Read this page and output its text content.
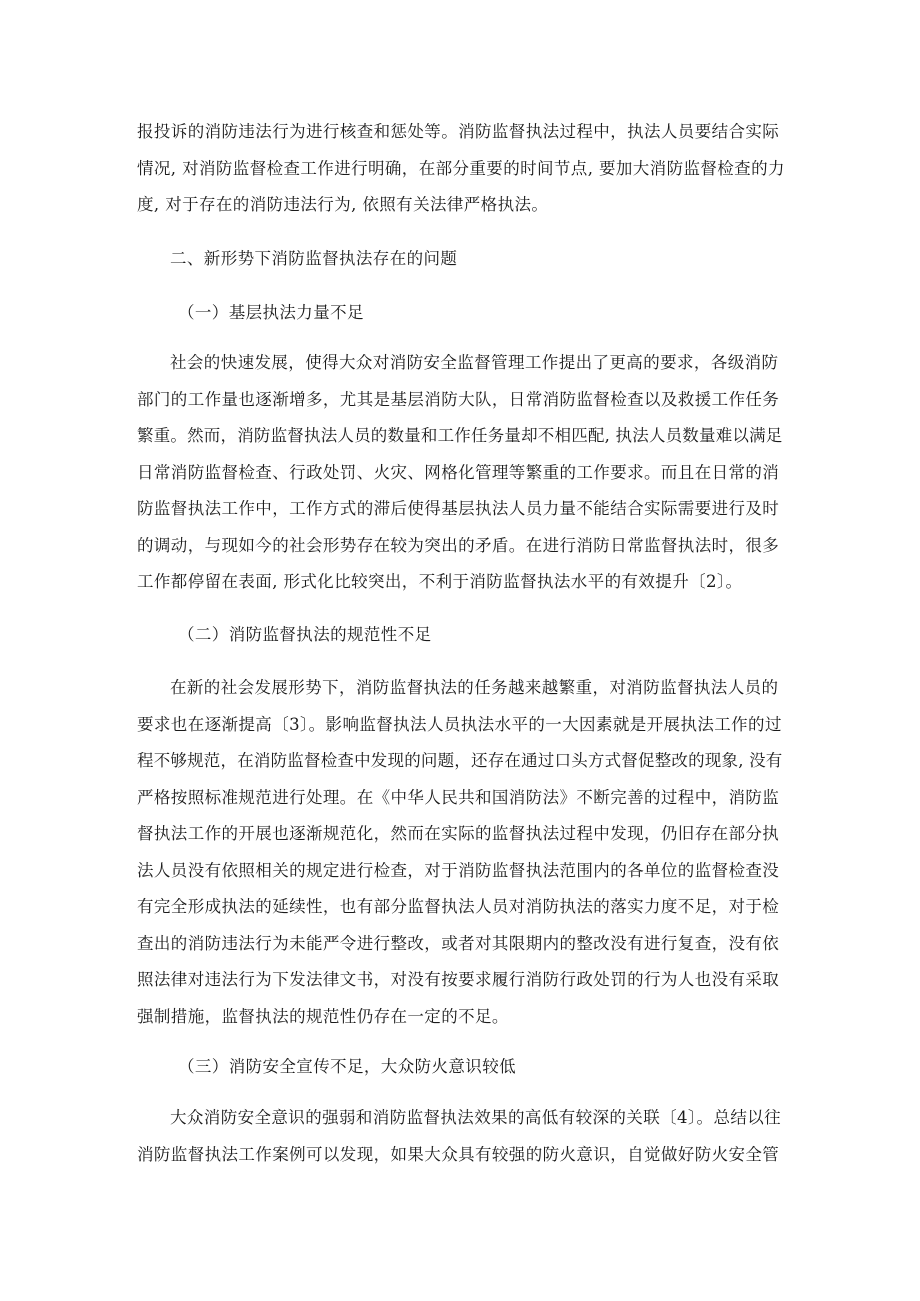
报投诉的消防违法行为进行核查和惩处等。消防监督执法过程中，执法人员要结合实际
情况, 对消防监督检查工作进行明确，在部分重要的时间节点, 要加大消防监督检查的力
度, 对于存在的消防违法行为, 依照有关法律严格执法。
二、新形势下消防监督执法存在的问题
（一）基层执法力量不足
社会的快速发展，使得大众对消防安全监督管理工作提出了更高的要求，各级消防
部门的工作量也逐渐增多，尤其是基层消防大队，日常消防监督检查以及救援工作任务
繁重。然而，消防监督执法人员的数量和工作任务量却不相匹配, 执法人员数量难以满足
日常消防监督检查、行政处罚、火灾、网格化管理等繁重的工作要求。而且在日常的消
防监督执法工作中，工作方式的滞后使得基层执法人员力量不能结合实际需要进行及时
的调动，与现如今的社会形势存在较为突出的矛盾。在进行消防日常监督执法时，很多
工作都停留在表面, 形式化比较突出，不利于消防监督执法水平的有效提升〔2〕。
（二）消防监督执法的规范性不足
在新的社会发展形势下，消防监督执法的任务越来越繁重，对消防监督执法人员的
要求也在逐渐提高〔3〕。影响监督执法人员执法水平的一大因素就是开展执法工作的过
程不够规范，在消防监督检查中发现的问题，还存在通过口头方式督促整改的现象, 没有
严格按照标准规范进行处理。在《中华人民共和国消防法》不断完善的过程中，消防监
督执法工作的开展也逐渐规范化，然而在实际的监督执法过程中发现，仍旧存在部分执
法人员没有依照相关的规定进行检查，对于消防监督执法范围内的各单位的监督检查没
有完全形成执法的延续性，也有部分监督执法人员对消防执法的落实力度不足，对于检
查出的消防违法行为未能严令进行整改，或者对其限期内的整改没有进行复查，没有依
照法律对违法行为下发法律文书，对没有按要求履行消防行政处罚的行为人也没有采取
强制措施，监督执法的规范性仍存在一定的不足。
（三）消防安全宣传不足，大众防火意识较低
大众消防安全意识的强弱和消防监督执法效果的高低有较深的关联〔4〕。总结以往
消防监督执法工作案例可以发现，如果大众具有较强的防火意识，自觉做好防火安全管
